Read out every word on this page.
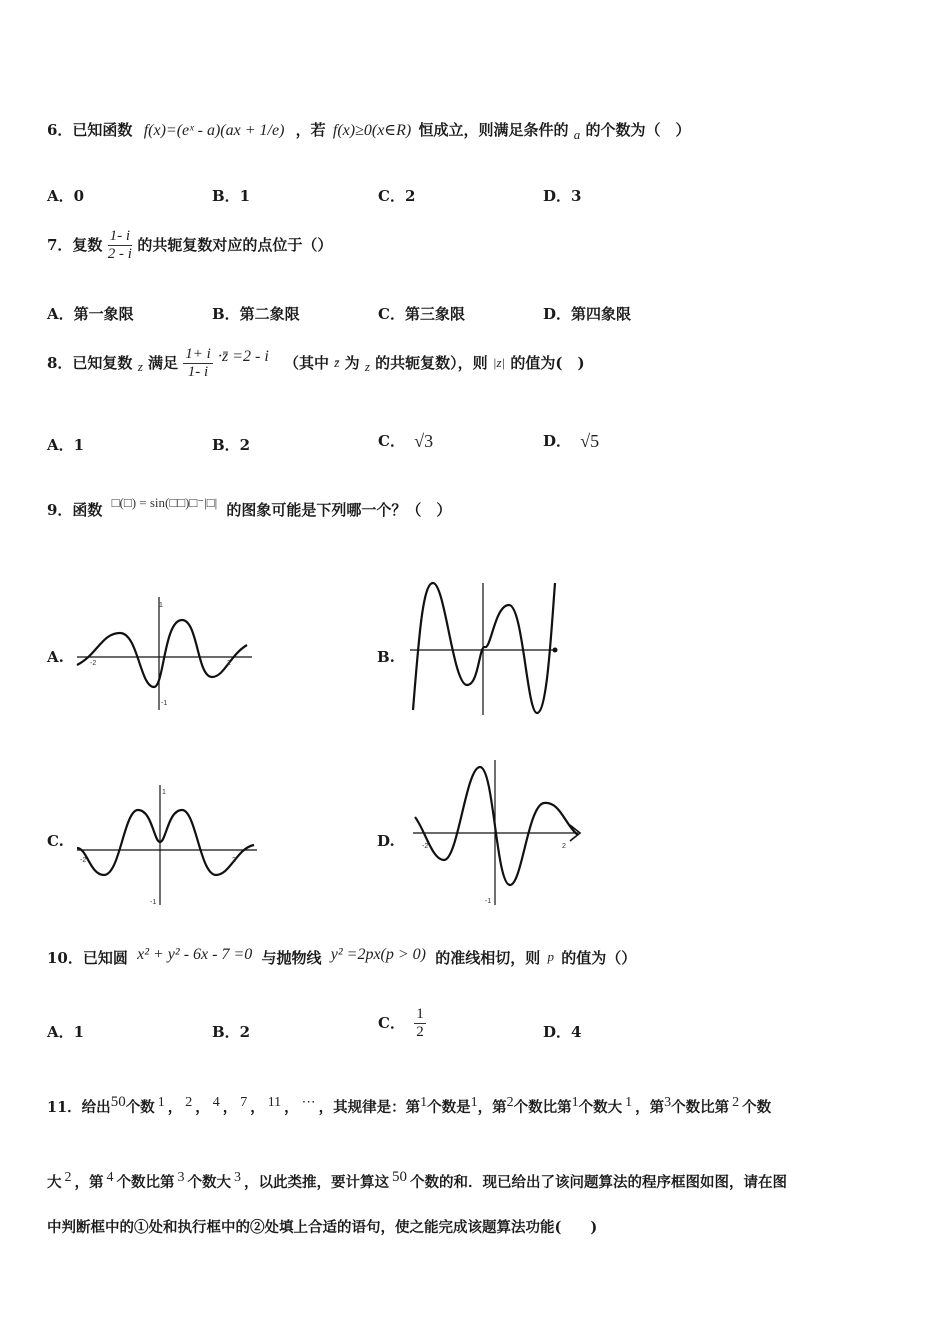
6．已知函数 f(x)=(eˣ - a)(ax + 1/e) ，若 f(x)≥0(x∈R) 恒成立，则满足条件的 a 的个数为（　）
A．0	B．1	C．2	D．3
7．复数 $\frac{1- i}{2 - i}$ 的共轭复数对应的点位于（）
A．第一象限	B．第二象限	C．第三象限	D．第四象限
8．已知复数 z 满足 $\frac{1+ i}{1- i}$ ·z̄ =2 - i （其中 z̄ 为 z 的共轭复数），则 |z| 的值为(　)
A．1	B．2	C． √3	D． √5
9．函数 □(□) = sin(□□)□⁻|□| 的图象可能是下列哪一个？（　）
A.	B.
C.	D.
1
-1
2
-2
1
-1
-2	2
-1
2
-2
10．已知圆 x² + y² - 6x - 7 =0 与抛物线 y² =2px(p > 0) 的准线相切，则 p 的值为（）
A．1	B．2	C． $\frac{1}{2}$	D．4
11．给出50个数 1 ， 2 ， 4 ， 7 ， 11 ， ⋯ ，其规律是：第1个数是1，第2个数比第1个数大 1 ，第3个数比第 2 个数
大 2 ，第 4 个数比第 3 个数大 3 ，以此类推，要计算这 50 个数的和．现已给出了该问题算法的程序框图如图，请在图
中判断框中的①处和执行框中的②处填上合适的语句，使之能完成该题算法功能(　　)
